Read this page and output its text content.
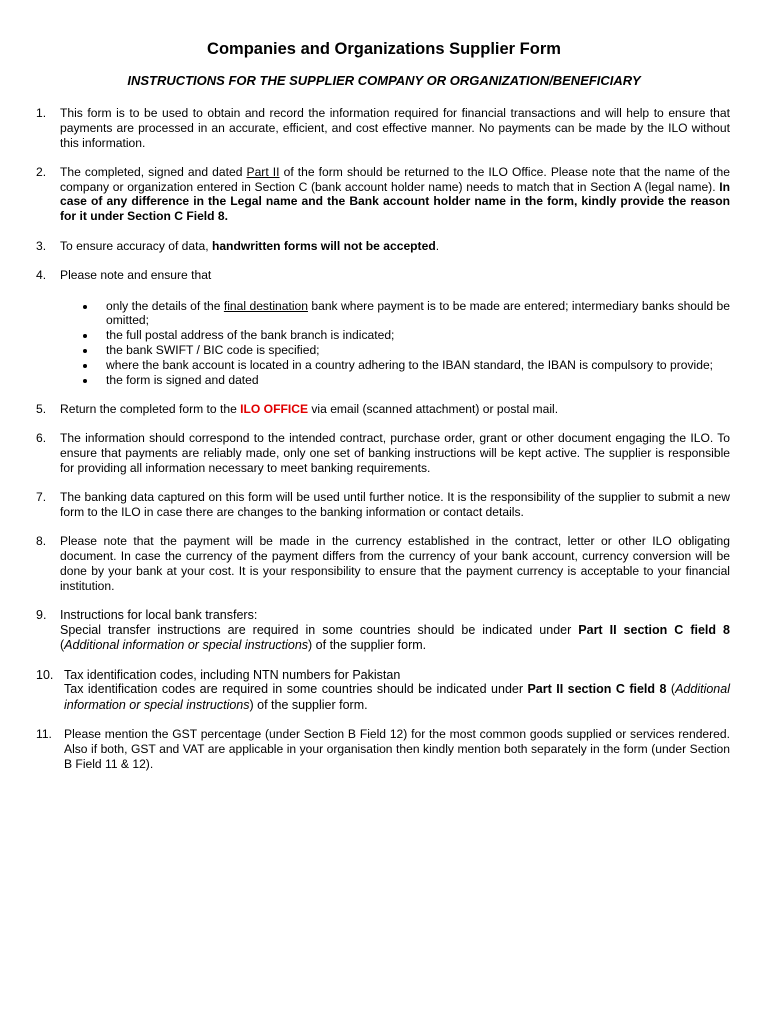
Companies and Organizations Supplier Form
INSTRUCTIONS FOR THE SUPPLIER COMPANY OR ORGANIZATION/BENEFICIARY
1.	This form is to be used to obtain and record the information required for financial transactions and will help to ensure that payments are processed in an accurate, efficient, and cost effective manner. No payments can be made by the ILO without this information.
2.	The completed, signed and dated Part II of the form should be returned to the ILO Office. Please note that the name of the company or organization entered in Section C (bank account holder name) needs to match that in Section A (legal name). In case of any difference in the Legal name and the Bank account holder name in the form, kindly provide the reason for it under Section C Field 8.
3.	To ensure accuracy of data, handwritten forms will not be accepted.
4.	Please note and ensure that
only the details of the final destination bank where payment is to be made are entered; intermediary banks should be omitted;
the full postal address of the bank branch is indicated;
the bank SWIFT / BIC code is specified;
where the bank account is located in a country adhering to the IBAN standard, the IBAN is compulsory to provide;
the form is signed and dated
5.	Return the completed form to the ILO OFFICE via email (scanned attachment) or postal mail.
6.	The information should correspond to the intended contract, purchase order, grant or other document engaging the ILO. To ensure that payments are reliably made, only one set of banking instructions will be kept active. The supplier is responsible for providing all information necessary to meet banking requirements.
7.	The banking data captured on this form will be used until further notice. It is the responsibility of the supplier to submit a new form to the ILO in case there are changes to the banking information or contact details.
8.	Please note that the payment will be made in the currency established in the contract, letter or other ILO obligating document. In case the currency of the payment differs from the currency of your bank account, currency conversion will be done by your bank at your cost. It is your responsibility to ensure that the payment currency is acceptable to your financial institution.
9.	Instructions for local bank transfers:
Special transfer instructions are required in some countries should be indicated under Part II section C field 8 (Additional information or special instructions) of the supplier form.
10. Tax identification codes, including NTN numbers for Pakistan
Tax identification codes are required in some countries should be indicated under Part II section C field 8 (Additional information or special instructions) of the supplier form.
11. Please mention the GST percentage (under Section B Field 12) for the most common goods supplied or services rendered. Also if both, GST and VAT are applicable in your organisation then kindly mention both separately in the form (under Section B Field 11 & 12).
